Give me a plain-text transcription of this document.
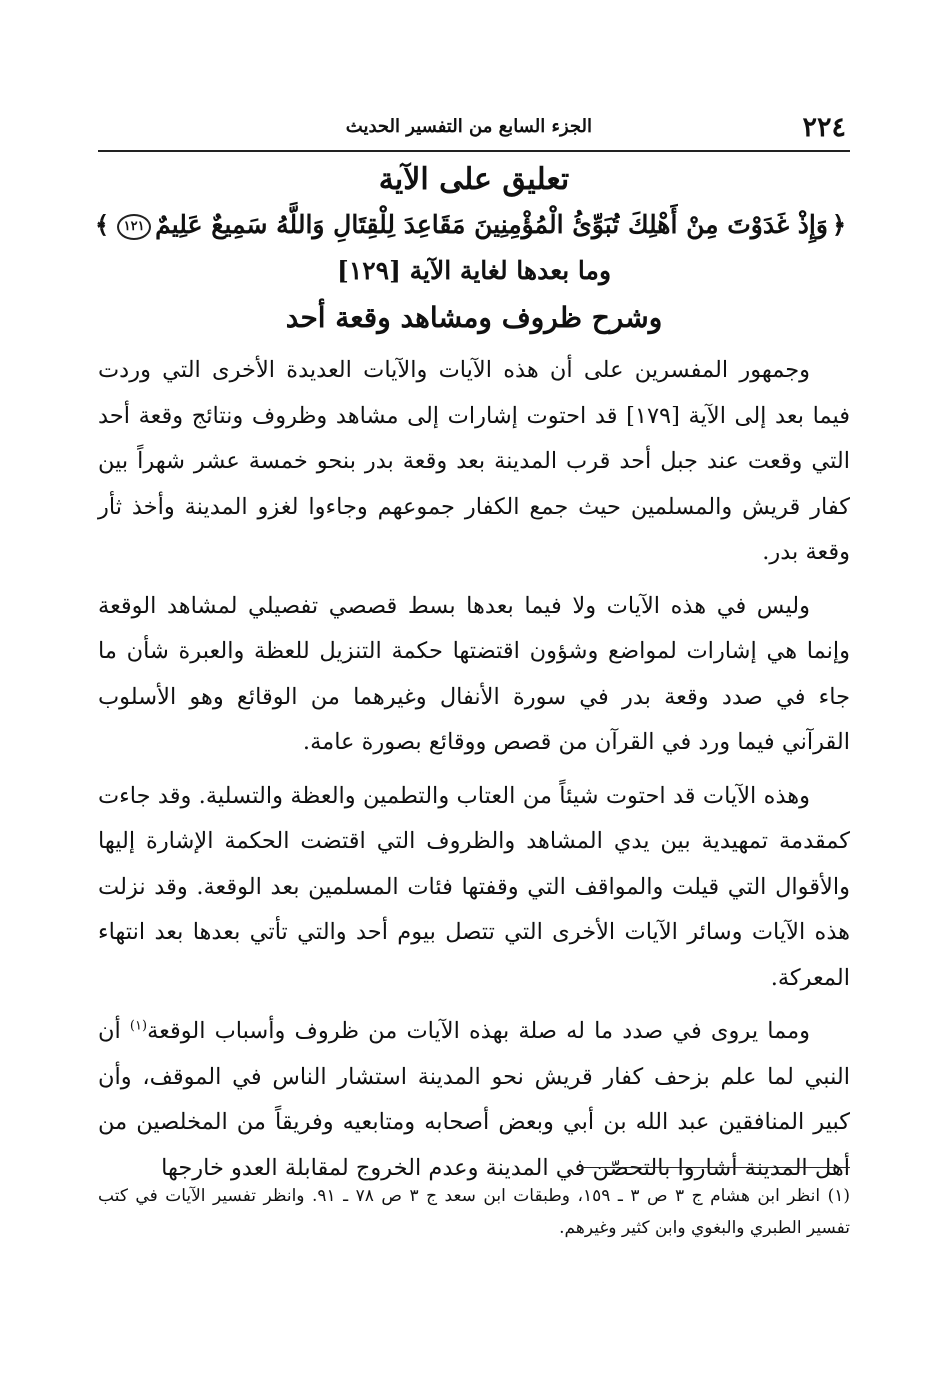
٢٢٤
الجزء السابع من التفسير الحديث
تعليق على الآية
﴿وَإِذْ غَدَوْتَ مِنْ أَهْلِكَ تُبَوِّئُ الْمُؤْمِنِينَ مَقَاعِدَ لِلْقِتَالِ وَاللَّهُ سَمِيعٌ عَلِيمٌ١٢١﴾
وما بعدها لغاية الآية [١٢٩]
وشرح ظروف ومشاهد وقعة أحد

وجمهور المفسرين على أن هذه الآيات والآيات العديدة الأخرى التي وردت فيما بعد إلى الآية [١٧٩] قد احتوت إشارات إلى مشاهد وظروف ونتائج وقعة أحد التي وقعت عند جبل أحد قرب المدينة بعد وقعة بدر بنحو خمسة عشر شهراً بين كفار قريش والمسلمين حيث جمع الكفار جموعهم وجاءوا لغزو المدينة وأخذ ثأر وقعة بدر.

وليس في هذه الآيات ولا فيما بعدها بسط قصصي تفصيلي لمشاهد الوقعة وإنما هي إشارات لمواضع وشؤون اقتضتها حكمة التنزيل للعظة والعبرة شأن ما جاء في صدد وقعة بدر في سورة الأنفال وغيرهما من الوقائع وهو الأسلوب القرآني فيما ورد في القرآن من قصص ووقائع بصورة عامة.

وهذه الآيات قد احتوت شيئاً من العتاب والتطمين والعظة والتسلية. وقد جاءت كمقدمة تمهيدية بين يدي المشاهد والظروف التي اقتضت الحكمة الإشارة إليها والأقوال التي قيلت والمواقف التي وقفتها فئات المسلمين بعد الوقعة. وقد نزلت هذه الآيات وسائر الآيات الأخرى التي تتصل بيوم أحد والتي تأتي بعدها بعد انتهاء المعركة.

ومما يروى في صدد ما له صلة بهذه الآيات من ظروف وأسباب الوقعة$^{(١)}$ أن النبي لما علم بزحف كفار قريش نحو المدينة استشار الناس في الموقف، وأن كبير المنافقين عبد الله بن أبي وبعض أصحابه ومتابعيه وفريقاً من المخلصين من أهل المدينة أشاروا بالتحصّن في المدينة وعدم الخروج لمقابلة العدو خارجها

(١) انظر ابن هشام ج ٣ ص ٣ ـ ١٥٩، وطبقات ابن سعد ج ٣ ص ٧٨ ـ ٩١. وانظر تفسير الآيات في كتب تفسير الطبري والبغوي وابن كثير وغيرهم.
